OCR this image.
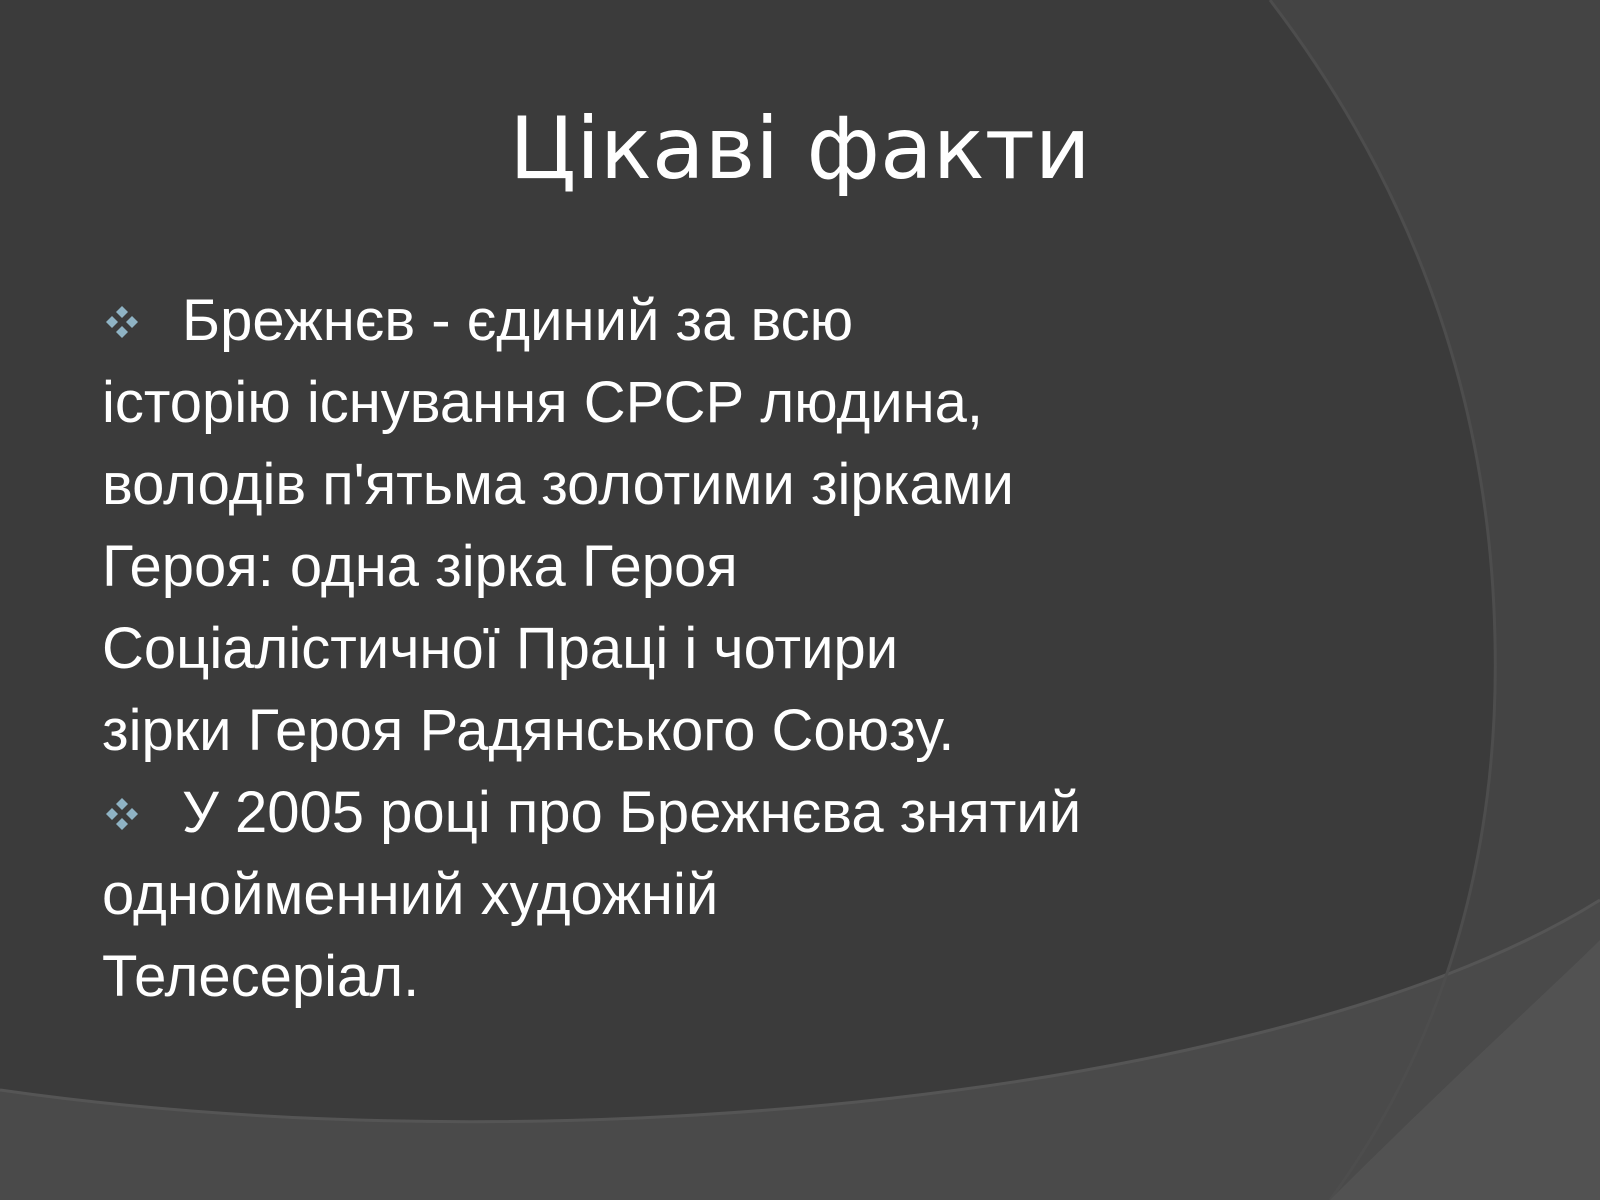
Цікаві факти

Брежнєв - єдиний за всю
історію існування СРСР людина,
володів п'ятьма золотими зірками
Героя: одна зірка Героя
Соціалістичної Праці і чотири
зірки Героя Радянського Союзу.

У 2005 році про Брежнєва знятий
однойменний художній
Телесеріал.
